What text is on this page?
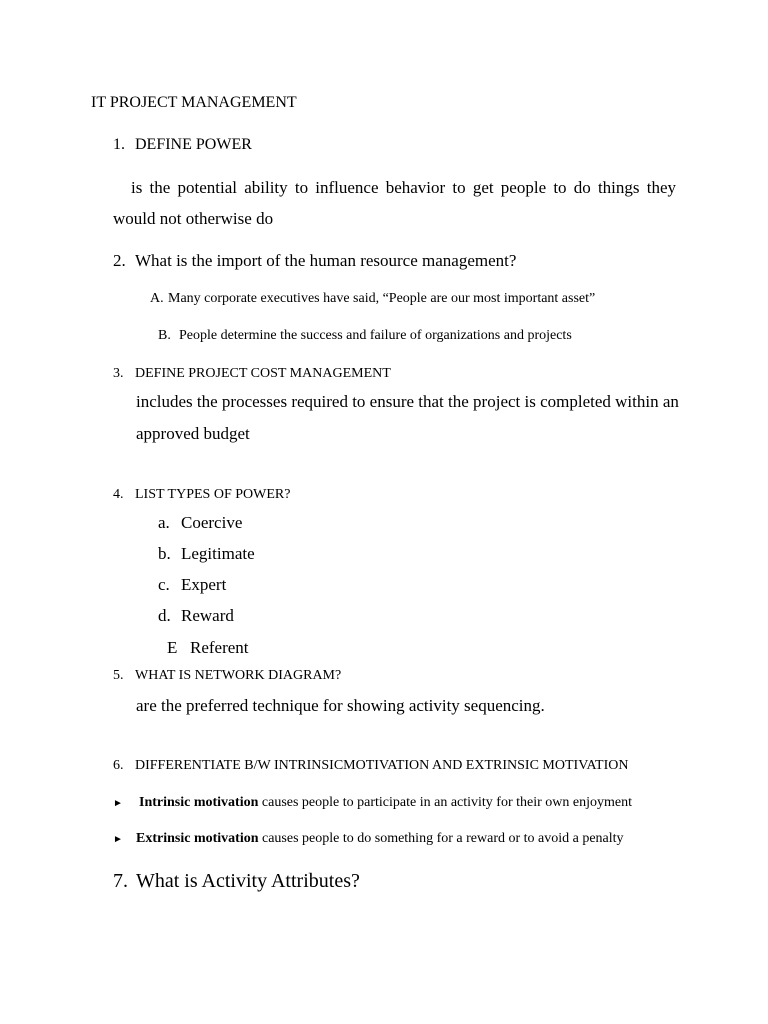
IT PROJECT MANAGEMENT
1. DEFINE POWER
is the potential ability to influence behavior to get people to do things they would not otherwise do
2. What is the import of the human resource management?
A. Many corporate executives have said, “People are our most important asset”
B. People determine the success and failure of organizations and projects
3. DEFINE PROJECT COST MANAGEMENT
includes the processes required to ensure that the project is completed within an approved budget
4. LIST TYPES OF POWER?
a. Coercive
b. Legitimate
c. Expert
d. Reward
E Referent
5. WHAT IS NETWORK DIAGRAM?
are the preferred technique for showing activity sequencing.
6. DIFFERENTIATE B/W INTRINSICMOTIVATION AND EXTRINSIC MOTIVATION
► Intrinsic motivation causes people to participate in an activity for their own enjoyment
► Extrinsic motivation causes people to do something for a reward or to avoid a penalty
7. What is Activity Attributes?
